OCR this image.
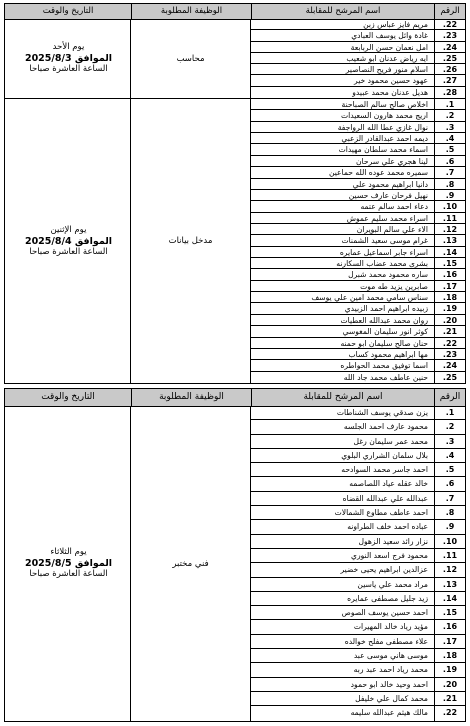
الرقم
اسم المرشح للمقابلة
الوظيفة المطلوبة
التاريخ والوقت
22.
مريم فايز عباس زبن
23.
غادة وائل يوسف العبادي
24.
امل نعمان حسن الربابعة
25.
ايه رياض عدنان ابو شعيب
26.
اسلام منور فريح النصاصير
27.
عهود حسين محمود خير
28.
هديل عدنان محمد عبيدو
محاسب
يوم الأحد
الموافق 2025/8/3
الساعة العاشرة صباحا
1.
اخلاص صالح سالم الصباحنة
2.
اريج محمد هارون السعيدات
3.
نوال غازي عطا الله الرواجفة
4.
ديمه احمد عبدالقادر الزعبي
5.
اسماء محمد سلطان مهيدات
6.
لينا هجري علي سرحان
7.
سميره محمد عوده الله حماعين
8.
دانيا ابراهيم محمود علي
9.
نهيل فرحان عارف حسين
10.
دعاء احمد سالم عتمه
11.
اسراء محمد سليم عموش
12.
الاء علي سالم البويران
13.
غرام موسى سعيد الشمنات
14.
اسراء جابر اسماعيل عمايره
15.
بشرى محمد عضاب السكارنه
16.
ساره محمود محمد شبرل
17.
صابرين يزيد طه موت
18.
سناس سامي محمد امين علي يوسف
19.
زبيده ابراهيم احمد الزبيدي
20.
روان محمد عبدالله العطيات
21.
كوثر انور سليمان المغوسي
22.
حنان صالح سليمان ابو حمنه
23.
مها ابراهيم محمود كساب
24.
اسما توفيق محمد الحواطره
25.
حنين عاطف محمد جاد الله
مدخل بيانات
يوم الإثنين
الموافق 2025/8/4
الساعة العاشرة صباحا
الرقم
اسم المرشح للمقابلة
الوظيفة المطلوبة
التاريخ والوقت
1.
يزن صدقي يوسف الشناطات
2.
محمود عارف احمد الجلسه
3.
محمد عمر سليمان رغل
4.
بلال سلمان الشراري البلوي
5.
احمد جاسر محمد السوادحه
6.
خالد عقله عياد اللصاصمه
7.
عبدالله علي عبدالله القضاه
8.
احمد عاطف مطاوع الشمالات
9.
عباده احمد خلف الطراونه
10.
نزار رائد سعيد الزهول
11.
محمود فرج اسعد النوري
12.
عزالدين ابراهيم يحيى خضير
13.
مراد محمد علي ياسين
14.
زيد جليل مصطفى عمايره
15.
احمد حسين يوسف الصوص
16.
مؤيد رياد خالد المهيرات
17.
علاء مصطفى مفلح خوالده
18.
موسى هاني موسى عبد
19.
محمد رياد احمد عبد ربه
20.
احمد وحيد خالد ابو حمود
21.
محمد كمال علي خليفل
22.
مالك هيثم عبدالله سليمه
فني مختبر
يوم الثلاثاء
الموافق 2025/8/5
الساعة العاشرة صباحا
